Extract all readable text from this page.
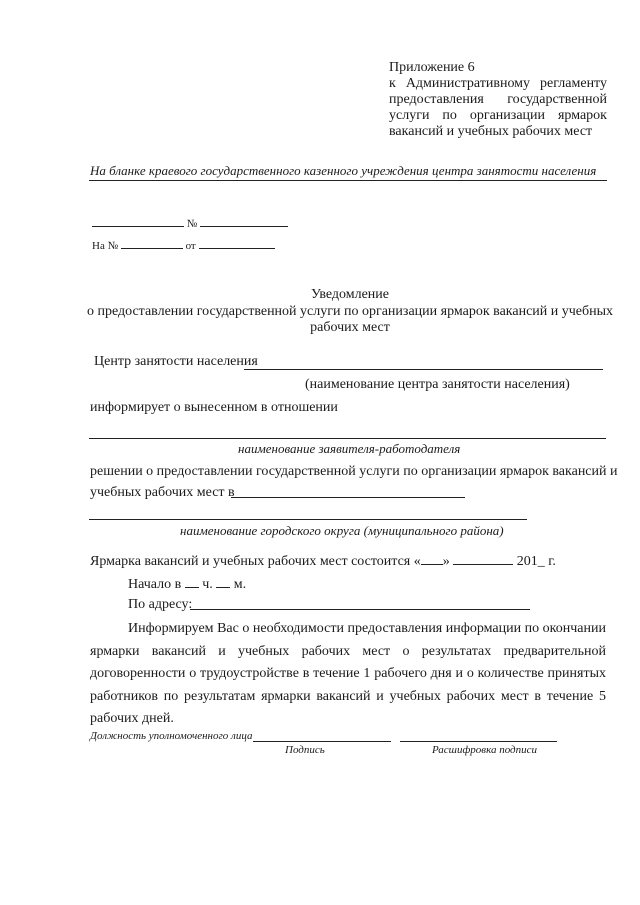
Приложение 6
к Административному регламенту
предоставления государственной
услуги по организации ярмарок
вакансий и учебных рабочих мест
На бланке краевого государственного казенного учреждения центра занятости населения
№
На №	от
Уведомление
о предоставлении государственной услуги по организации ярмарок вакансий и учебных
рабочих мест
Центр занятости населения
(наименование центра занятости населения)
информирует о вынесенном в отношении
наименование заявителя-работодателя
решении о предоставлении государственной услуги по организации ярмарок вакансий и
учебных рабочих мест в
наименование городского округа (муниципального района)
Ярмарка вакансий и учебных рабочих мест состоится « »	201_ г.
Начало в ч. м.
По адресу:
Информируем Вас о необходимости предоставления информации по окончании ярмарки вакансий и учебных рабочих мест о результатах предварительной договоренности о трудоустройстве в течение 1 рабочего дня и о количестве принятых работников по результатам ярмарки вакансий и учебных рабочих мест в течение 5 рабочих дней.
Должность уполномоченного лица
Подпись	Расшифровка подписи
